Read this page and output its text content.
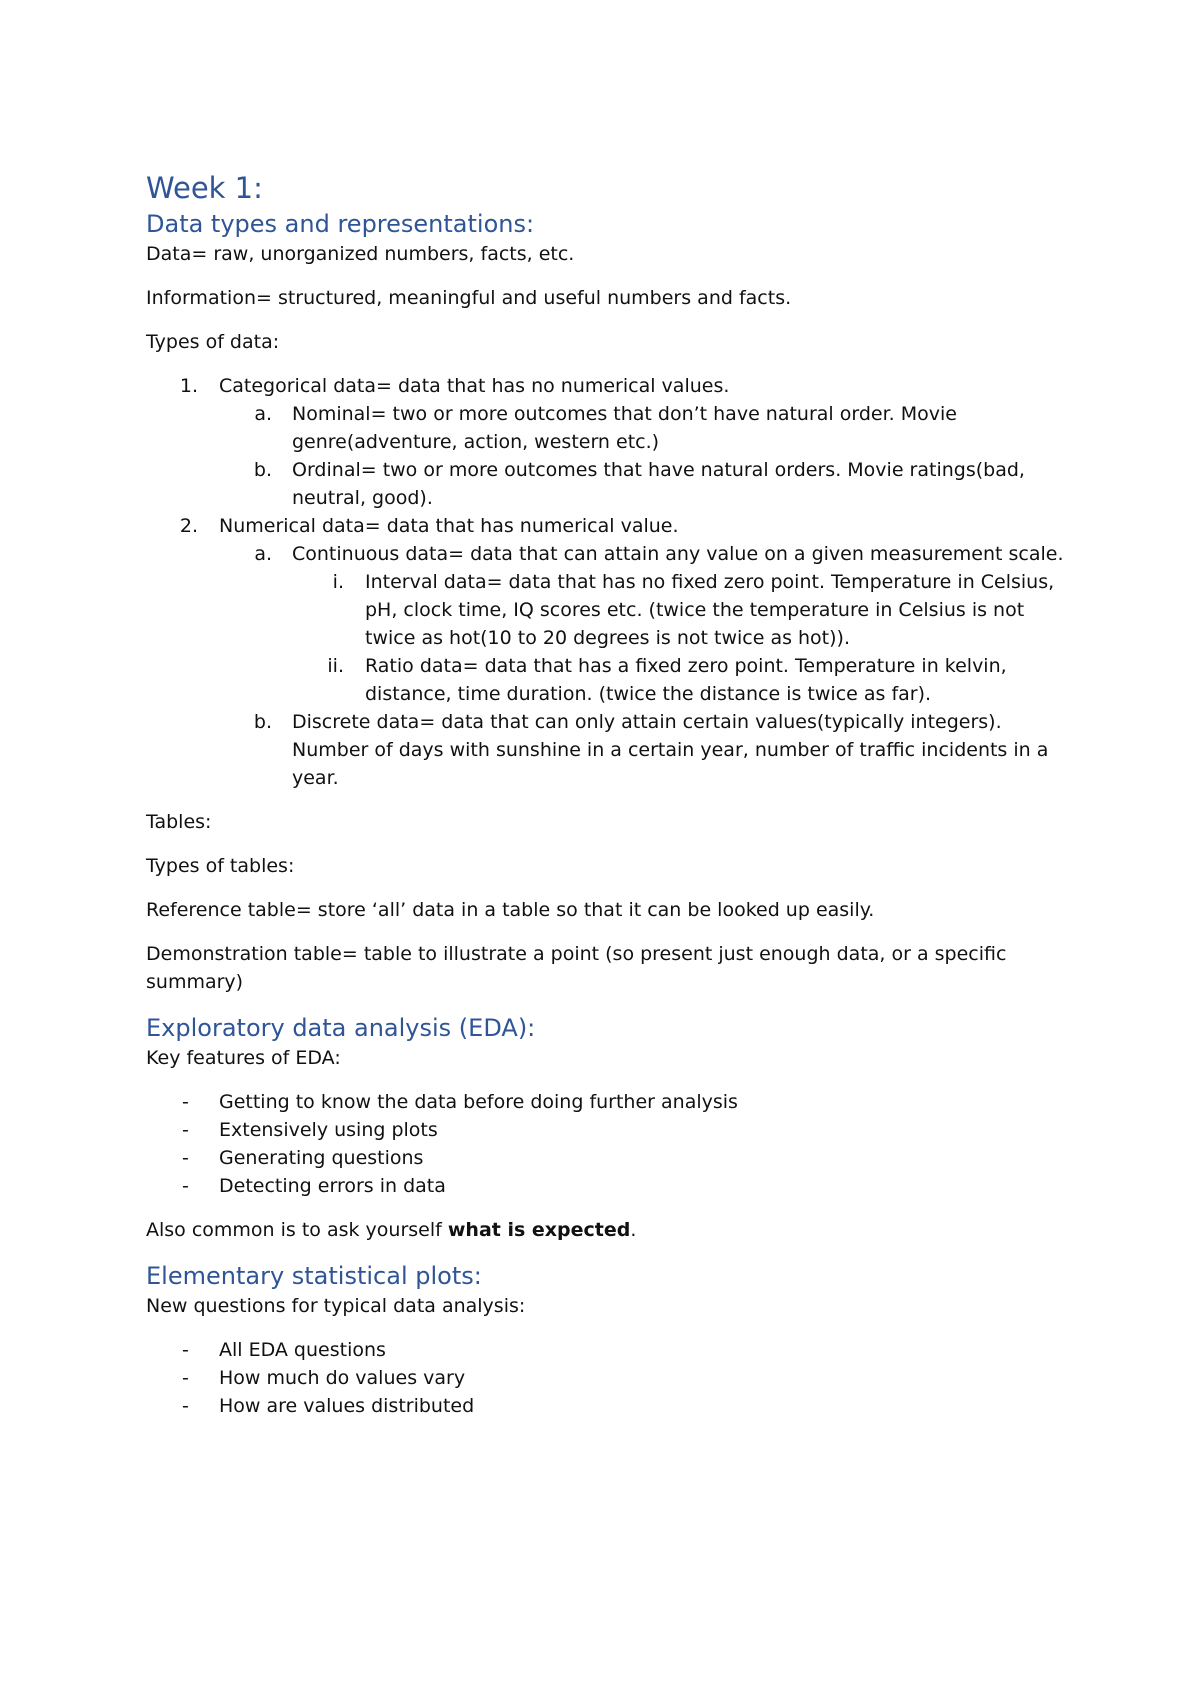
Week 1:
Data types and representations:

Data= raw, unorganized numbers, facts, etc.

Information= structured, meaningful and useful numbers and facts.

Types of data:

1. Categorical data= data that has no numerical values.
a. Nominal= two or more outcomes that don’t have natural order. Movie genre(adventure, action, western etc.)
b. Ordinal= two or more outcomes that have natural orders. Movie ratings(bad, neutral, good).
2. Numerical data= data that has numerical value.
a. Continuous data= data that can attain any value on a given measurement scale.
i. Interval data= data that has no fixed zero point. Temperature in Celsius, pH, clock time, IQ scores etc. (twice the temperature in Celsius is not twice as hot(10 to 20 degrees is not twice as hot)).
ii. Ratio data= data that has a fixed zero point. Temperature in kelvin, distance, time duration. (twice the distance is twice as far).
b. Discrete data= data that can only attain certain values(typically integers). Number of days with sunshine in a certain year, number of traffic incidents in a year.

Tables:

Types of tables:

Reference table= store ‘all’ data in a table so that it can be looked up easily.

Demonstration table= table to illustrate a point (so present just enough data, or a specific summary)

Exploratory data analysis (EDA):

Key features of EDA:

- Getting to know the data before doing further analysis
- Extensively using plots
- Generating questions
- Detecting errors in data

Also common is to ask yourself what is expected.

Elementary statistical plots:

New questions for typical data analysis:

- All EDA questions
- How much do values vary
- How are values distributed
